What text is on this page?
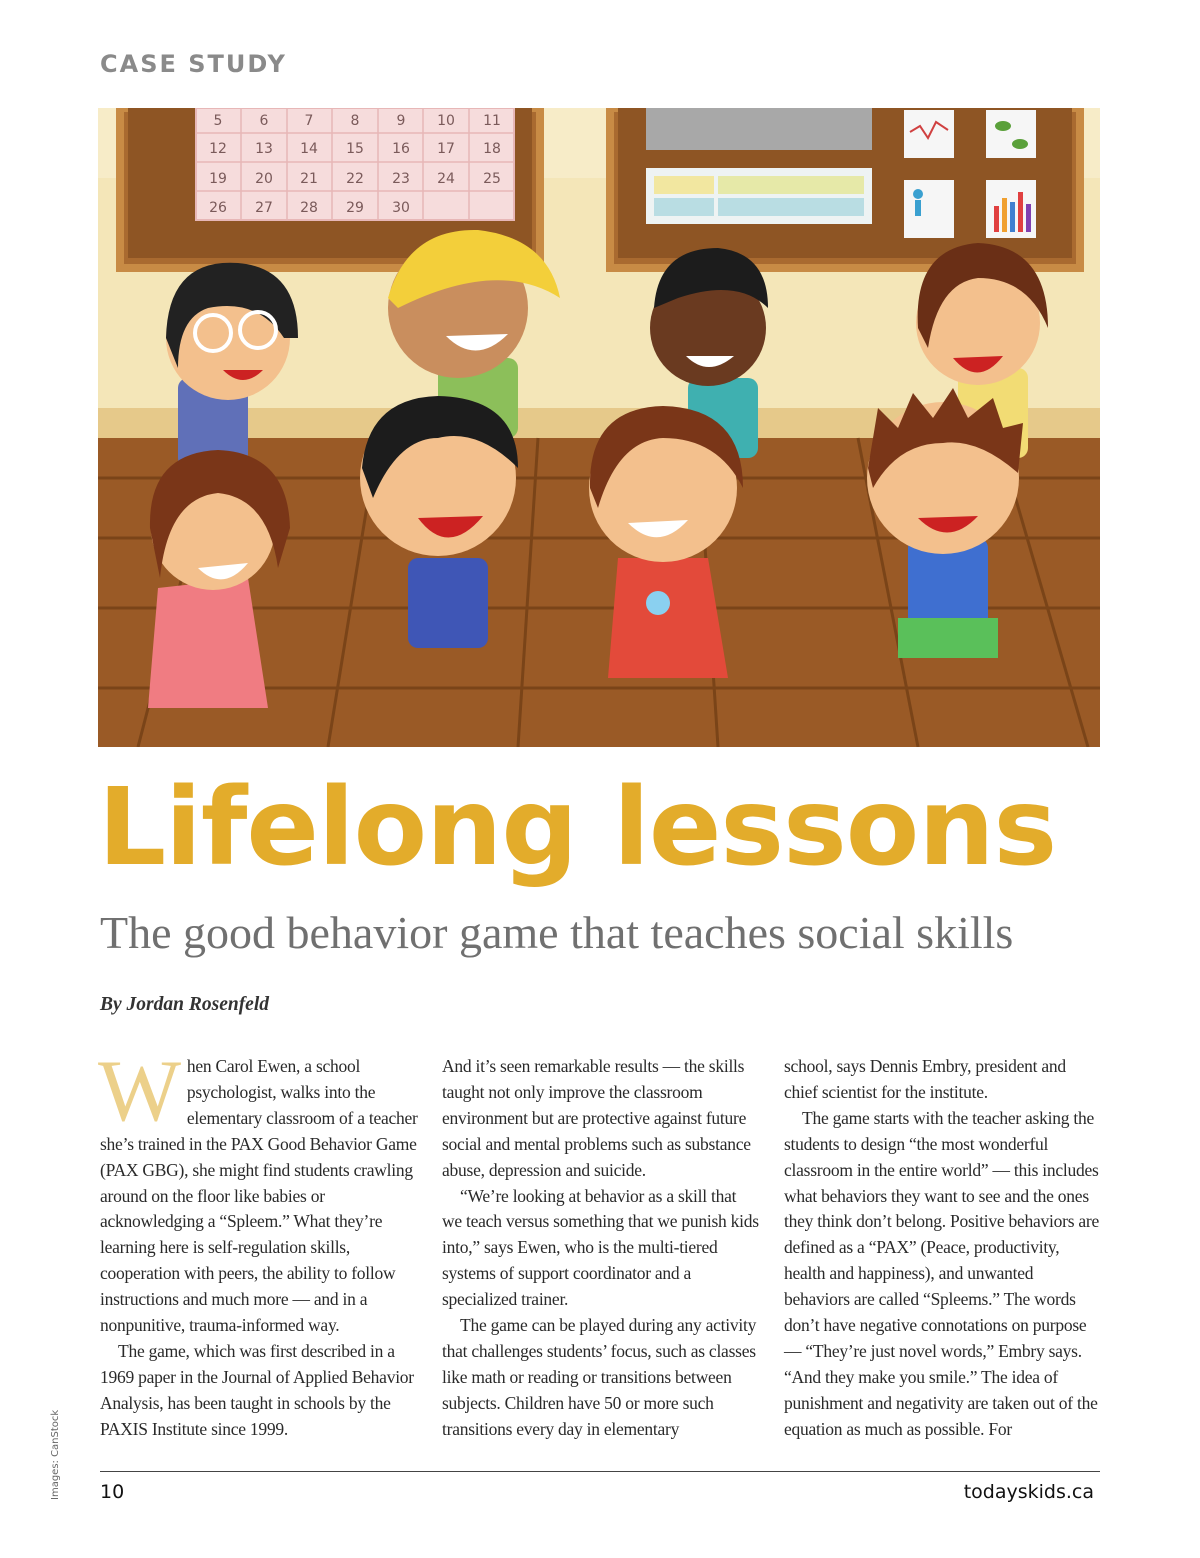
CASE STUDY
5	6	7	8	9 10 11
12 13 14 15 16 17 18
19 20 21 22 23 24 25
26 27 28 29 30
Lifelong lessons
The good behavior game that teaches social skills
By Jordan Rosenfeld

When Carol Ewen, a school psychologist, walks into the elementary classroom of a teacher she’s trained in the PAX Good Behavior Game (PAX GBG), she might find students crawling around on the floor like babies or acknowledging a “Spleem.” What they’re learning here is self-regulation skills, cooperation with peers, the ability to follow instructions and much more — and in a nonpunitive, trauma-informed way.

The game, which was first described in a 1969 paper in the Journal of Applied Behavior Analysis, has been taught in schools by the PAXIS Institute since 1999.

And it’s seen remarkable results — the skills taught not only improve the classroom environment but are protective against future social and mental problems such as substance abuse, depression and suicide.

“We’re looking at behavior as a skill that we teach versus something that we punish kids into,” says Ewen, who is the multi-tiered systems of support coordinator and a specialized trainer.

The game can be played during any activity that challenges students’ focus, such as classes like math or reading or transitions between subjects. Children have 50 or more such transitions every day in elementary

school, says Dennis Embry, president and chief scientist for the institute.

The game starts with the teacher asking the students to design “the most wonderful classroom in the entire world” — this includes what behaviors they want to see and the ones they think don’t belong. Positive behaviors are defined as a “PAX” (Peace, productivity, health and happiness), and unwanted behaviors are called “Spleems.” The words don’t have negative connotations on purpose — “They’re just novel words,” Embry says. “And they make you smile.” The idea of punishment and negativity are taken out of the equation as much as possible. For

Images: CanStock 10	todayskids.ca
